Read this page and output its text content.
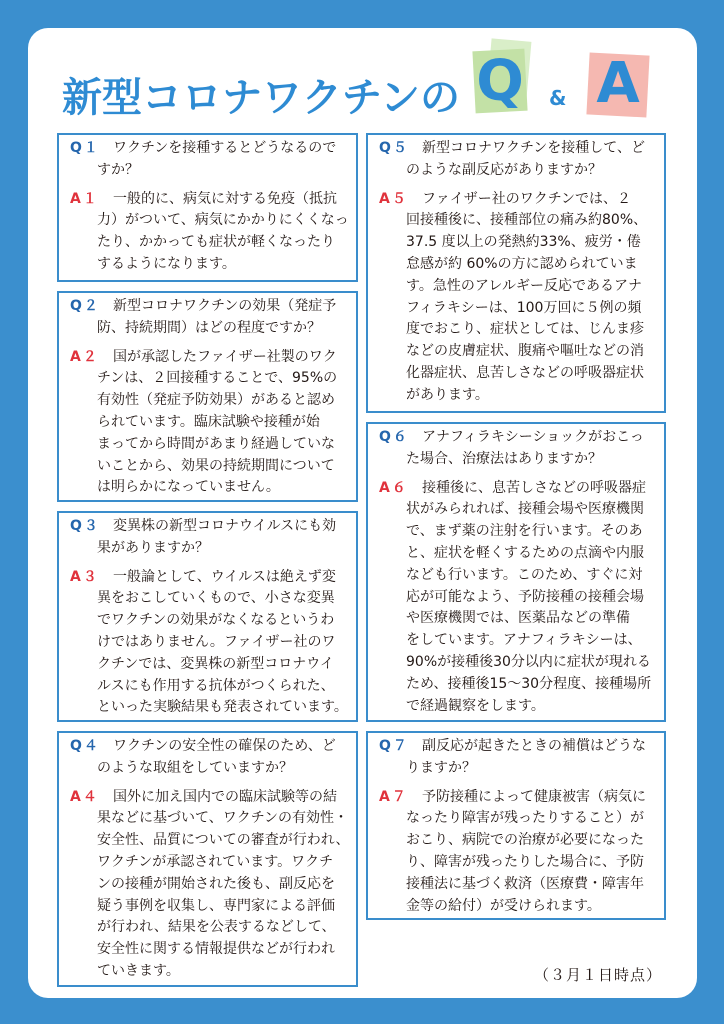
新型コロナワクチンの Q & A
Q１ ワクチンを接種するとどうなるので
すか？
A１	一般的に、病気に対する免疫（抵抗
力）がついて、病気にかかりにくくなっ
たり、かかっても症状が軽くなったり
するようになります。
Q２ 新型コロナワクチンの効果（発症予
防、持続期間）はどの程度ですか？
A２	国が承認したファイザー社製のワク
チンは、２回接種することで、95%の
有効性（発症予防効果）があると認め
られています。臨床試験や接種が始
まってから時間があまり経過していな
いことから、効果の持続期間について
は明らかになっていません。
Q３ 変異株の新型コロナウイルスにも効
果がありますか？
A３	一般論として、ウイルスは絶えず変
異をおこしていくもので、小さな変異
でワクチンの効果がなくなるというわ
けではありません。ファイザー社のワ
クチンでは、変異株の新型コロナウイ
ルスにも作用する抗体がつくられた、
といった実験結果も発表されています。
Q４ ワクチンの安全性の確保のため、ど
のような取組をしていますか？
A４	国外に加え国内での臨床試験等の結
果などに基づいて、ワクチンの有効性・
安全性、品質についての審査が行われ、
ワクチンが承認されています。ワクチ
ンの接種が開始された後も、副反応を
疑う事例を収集し、専門家による評価
が行われ、結果を公表するなどして、
安全性に関する情報提供などが行われ
ていきます。
Q５ 新型コロナワクチンを接種して、ど
のような副反応がありますか？
A５	ファイザー社のワクチンでは、２
回接種後に、接種部位の痛み約80%、
37.5 度以上の発熱約33%、疲労・倦
怠感が約 60%の方に認められていま
す。急性のアレルギー反応であるアナ
フィラキシーは、100万回に５例の頻
度でおこり、症状としては、じんま疹
などの皮膚症状、腹痛や嘔吐などの消
化器症状、息苦しさなどの呼吸器症状
があります。
Q６ アナフィラキシーショックがおこっ
た場合、治療法はありますか？
A６	接種後に、息苦しさなどの呼吸器症
状がみられれば、接種会場や医療機関
で、まず薬の注射を行います。そのあ
と、症状を軽くするための点滴や内服
なども行います。このため、すぐに対
応が可能なよう、予防接種の接種会場
や医療機関では、医薬品などの準備
をしています。アナフィラキシーは、
90%が接種後30分以内に症状が現れる
ため、接種後15～30分程度、接種場所
で経過観察をします。
Q７ 副反応が起きたときの補償はどうな
りますか？
A７	予防接種によって健康被害（病気に
なったり障害が残ったりすること）が
おこり、病院での治療が必要になった
り、障害が残ったりした場合に、予防
接種法に基づく救済（医療費・障害年
金等の給付）が受けられます。
（３月１日時点）
